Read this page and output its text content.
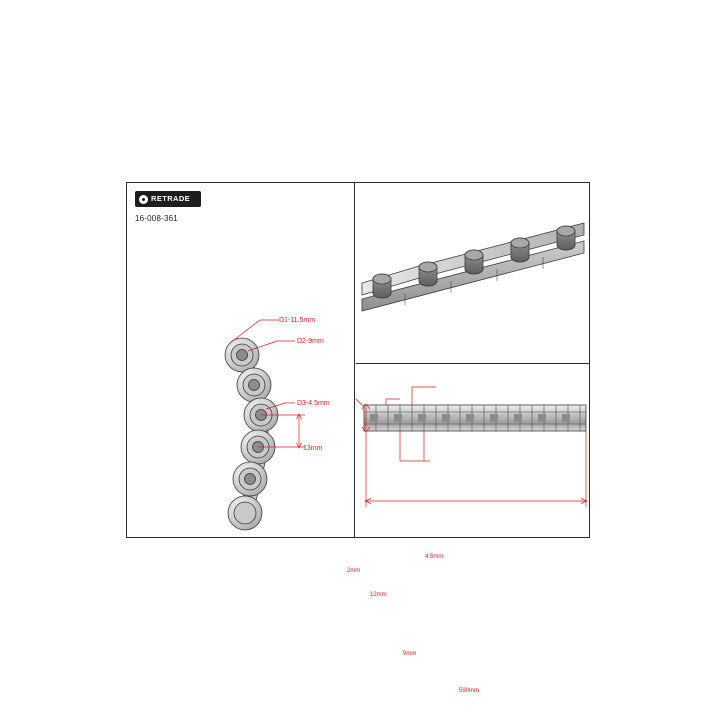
RETRADE
16-008-361
D1-11.5mm
D2-9mm
D3-4.5mm
13mm
4.5mm
2mm
12mm
9mm
590mm
